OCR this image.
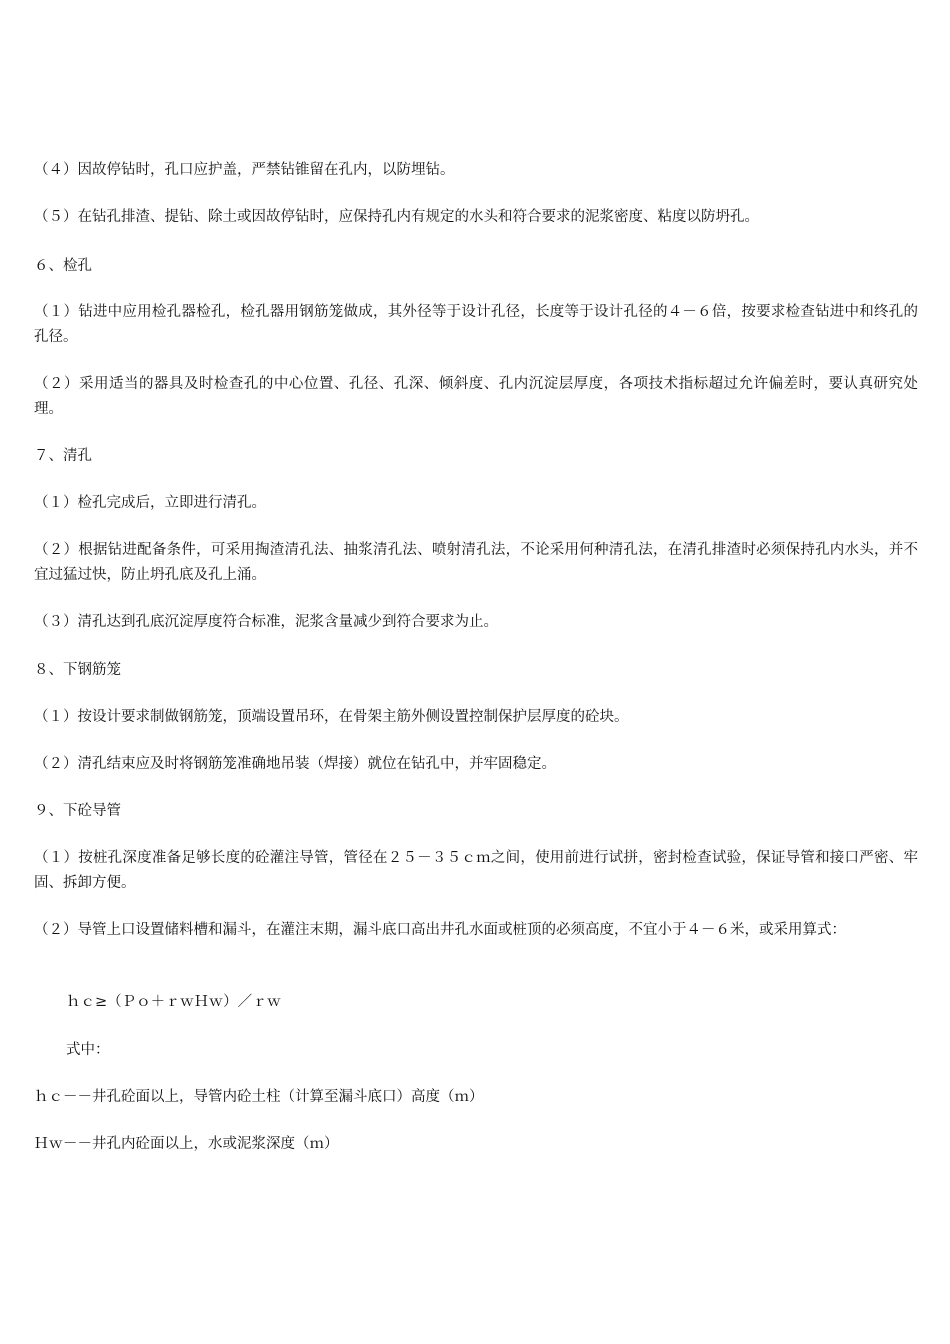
（４）因故停钻时，孔口应护盖，严禁钻锥留在孔内，以防埋钻。

（５）在钻孔排渣、提钻、除土或因故停钻时，应保持孔内有规定的水头和符合要求的泥浆密度、粘度以防坍孔。

６、检孔

（１）钻进中应用检孔器检孔，检孔器用钢筋笼做成，其外径等于设计孔径，长度等于设计孔径的４－６倍，按要求检查钻进中和终孔的孔径。

（２）采用适当的器具及时检查孔的中心位置、孔径、孔深、倾斜度、孔内沉淀层厚度，各项技术指标超过允许偏差时，要认真研究处理。

７、清孔

（１）检孔完成后，立即进行清孔。

（２）根据钻进配备条件，可采用掏渣清孔法、抽浆清孔法、喷射清孔法，不论采用何种清孔法，在清孔排渣时必须保持孔内水头，并不宜过猛过快，防止坍孔底及孔上涌。

（３）清孔达到孔底沉淀厚度符合标准，泥浆含量减少到符合要求为止。

８、下钢筋笼

（１）按设计要求制做钢筋笼，顶端设置吊环，在骨架主筋外侧设置控制保护层厚度的砼块。

（２）清孔结束应及时将钢筋笼准确地吊装（焊接）就位在钻孔中，并牢固稳定。

９、下砼导管

（１）按桩孔深度准备足够长度的砼灌注导管，管径在２５－３５ｃｍ之间，使用前进行试拼，密封检查试验，保证导管和接口严密、牢固、拆卸方便。

（２）导管上口设置储料槽和漏斗，在灌注末期，漏斗底口高出井孔水面或桩顶的必须高度，不宜小于４－６米，或采用算式：

ｈｃ≥（Ｐｏ＋ｒｗＨｗ）／ｒｗ

式中：

ｈｃ－－井孔砼面以上，导管内砼土柱（计算至漏斗底口）高度（ｍ）

Ｈｗ－－井孔内砼面以上，水或泥浆深度（ｍ）
